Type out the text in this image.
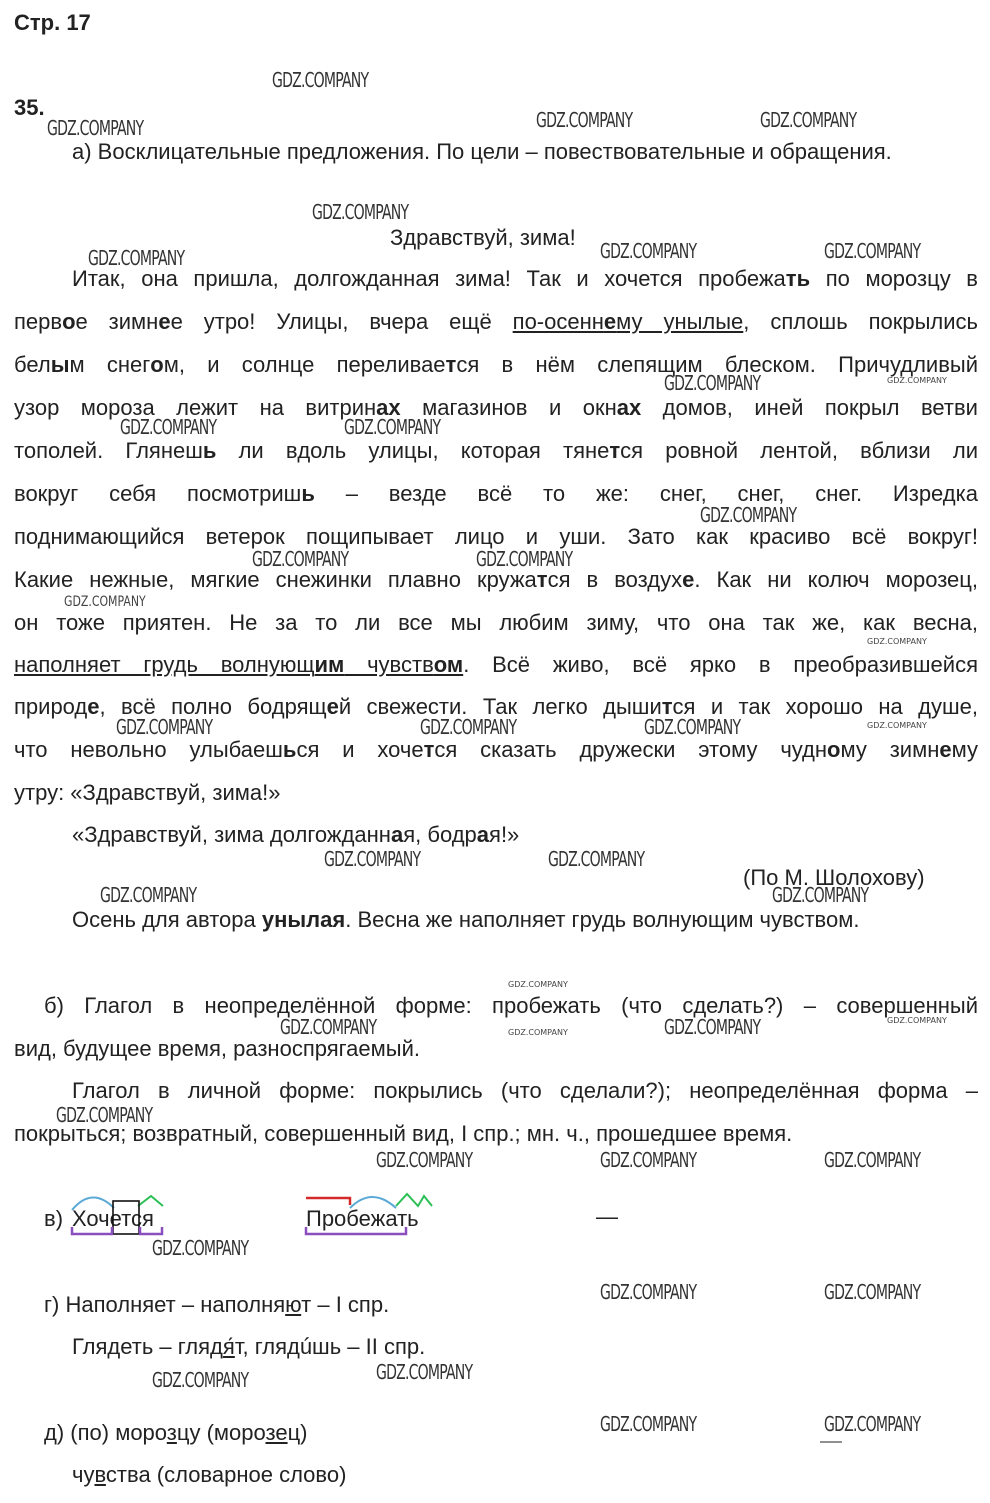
Стр. 17
35.
а) Восклицательные предложения. По цели – повествовательные и обращения.
Здравствуй, зима!
Итак, она пришла, долгожданная зима! Так и хочется пробежать по морозцу в
первое зимнее утро! Улицы, вчера ещё по-осеннему унылые, сплошь покрылись
белым снегом, и солнце переливается в нём слепящим блеском. Причудливый
узор мороза лежит на витринах магазинов и окнах домов, иней покрыл ветви
тополей. Глянешь ли вдоль улицы, которая тянется ровной лентой, вблизи ли
вокруг себя посмотришь – везде всё то же: снег, снег, снег. Изредка
поднимающийся ветерок пощипывает лицо и уши. Зато как красиво всё вокруг!
Какие нежные, мягкие снежинки плавно кружатся в воздухе. Как ни колюч морозец,
он тоже приятен. Не за то ли все мы любим зиму, что она так же, как весна,
наполняет грудь волнующим чувством. Всё живо, всё ярко в преобразившейся
природе, всё полно бодрящей свежести. Так легко дышится и так хорошо на душе,
что невольно улыбаешься и хочется сказать дружески этому чудному зимнему
утру: «Здравствуй, зима!»
«Здравствуй, зима долгожданная, бодрая!»
(По М. Шолохову)
Осень для автора унылая. Весна же наполняет грудь волнующим чувством.
б) Глагол в неопределённой форме: пробежать (что сделать?) – совершенный
вид, будущее время, разноспрягаемый.
Глагол в личной форме: покрылись (что сделали?); неопределённая форма –
покрыться; возвратный, совершенный вид, I спр.; мн. ч., прошедшее время.
в) Хочется	Пробежать	—
г) Наполняет – наполняют – I спр.
Глядеть – глядя́т, глядúшь – II спр.
д) (по) морозцу (морозец)
чувства (словарное слово)
GDZ.COMPANY
GDZ.COMPANY	GDZ.COMPANY	GDZ.COMPANY
GDZ.COMPANY
GDZ.COMPANY	GDZ.COMPANY	GDZ.COMPANY
GDZ.COMPANY	GDZ.COMPANY
GDZ.COMPANY	GDZ.COMPANY
GDZ.COMPANY
GDZ.COMPANY	GDZ.COMPANY
GDZ.COMPANY
GDZ.COMPANY
GDZ.COMPANY	GDZ.COMPANY	GDZ.COMPANY	GDZ.COMPANY
GDZ.COMPANY	GDZ.COMPANY
GDZ.COMPANY	GDZ.COMPANY
GDZ.COMPANY
GDZ.COMPANY	GDZ.COMPANY	GDZ.COMPANY	GDZ.COMPANY
GDZ.COMPANY
GDZ.COMPANY	GDZ.COMPANY	GDZ.COMPANY
GDZ.COMPANY
GDZ.COMPANY	GDZ.COMPANY
GDZ.COMPANY
GDZ.COMPANY
GDZ.COMPANY	GDZ.COMPANY
